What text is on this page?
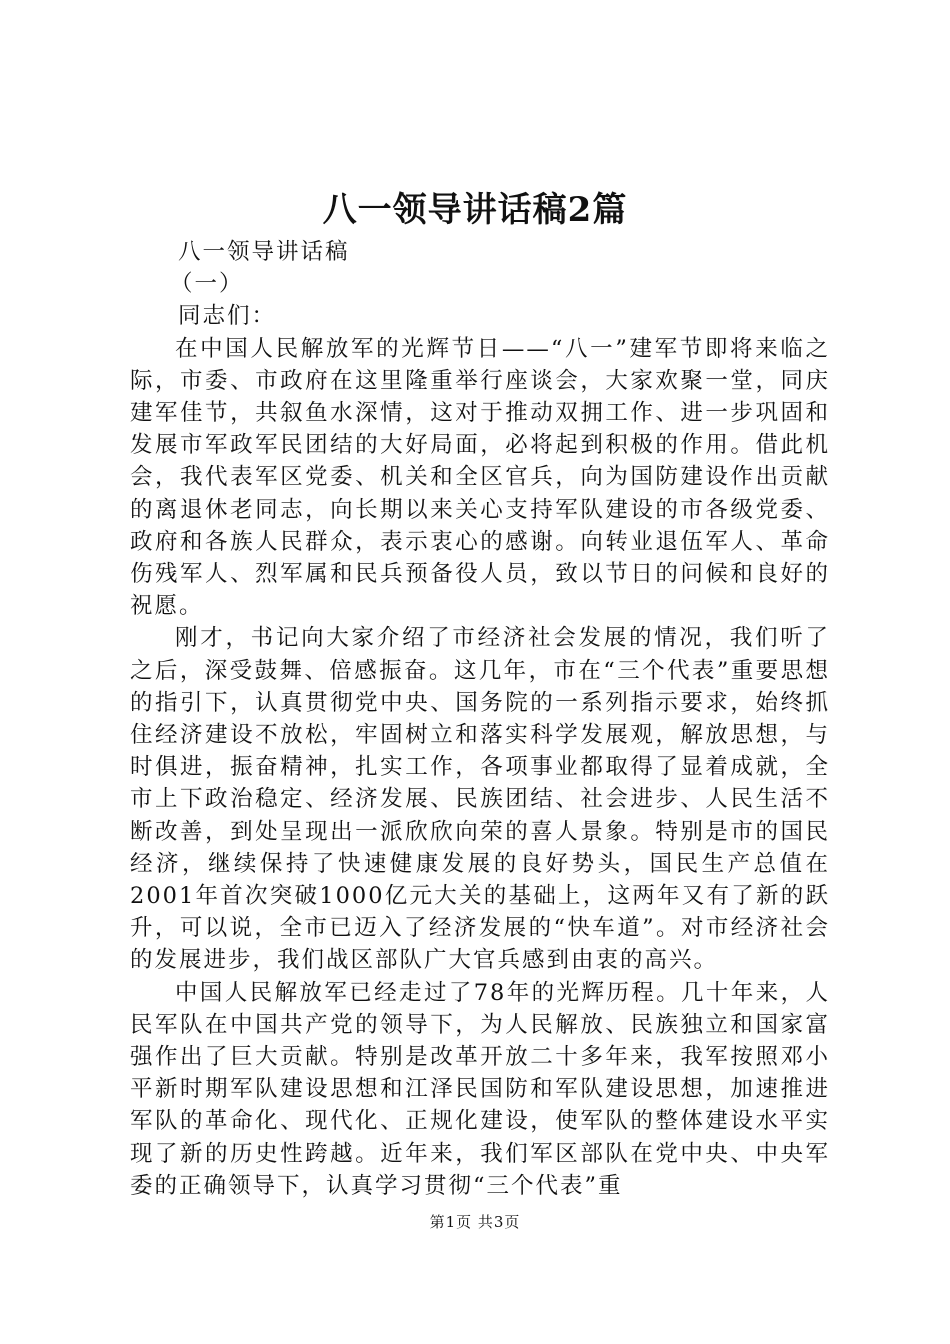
八一领导讲话稿2篇

八一领导讲话稿

（一）

同志们：

在中国人民解放军的光辉节日——“八一”建军节即将来临之际，市委、市政府在这里隆重举行座谈会，大家欢聚一堂，同庆建军佳节，共叙鱼水深情，这对于推动双拥工作、进一步巩固和发展市军政军民团结的大好局面，必将起到积极的作用。借此机会，我代表军区党委、机关和全区官兵，向为国防建设作出贡献的离退休老同志，向长期以来关心支持军队建设的市各级党委、政府和各族人民群众，表示衷心的感谢。向转业退伍军人、革命伤残军人、烈军属和民兵预备役人员，致以节日的问候和良好的祝愿。

刚才，书记向大家介绍了市经济社会发展的情况，我们听了之后，深受鼓舞、倍感振奋。这几年，市在“三个代表”重要思想的指引下，认真贯彻党中央、国务院的一系列指示要求，始终抓住经济建设不放松，牢固树立和落实科学发展观，解放思想，与时俱进，振奋精神，扎实工作，各项事业都取得了显着成就，全市上下政治稳定、经济发展、民族团结、社会进步、人民生活不断改善，到处呈现出一派欣欣向荣的喜人景象。特别是市的国民经济，继续保持了快速健康发展的良好势头，国民生产总值在2001年首次突破1000亿元大关的基础上，这两年又有了新的跃升，可以说，全市已迈入了经济发展的“快车道”。对市经济社会的发展进步，我们战区部队广大官兵感到由衷的高兴。

中国人民解放军已经走过了78年的光辉历程。几十年来，人民军队在中国共产党的领导下，为人民解放、民族独立和国家富强作出了巨大贡献。特别是改革开放二十多年来，我军按照邓小平新时期军队建设思想和江泽民国防和军队建设思想，加速推进军队的革命化、现代化、正规化建设，使军队的整体建设水平实现了新的历史性跨越。近年来，我们军区部队在党中央、中央军委的正确领导下，认真学习贯彻“三个代表”重

第1页 共3页
